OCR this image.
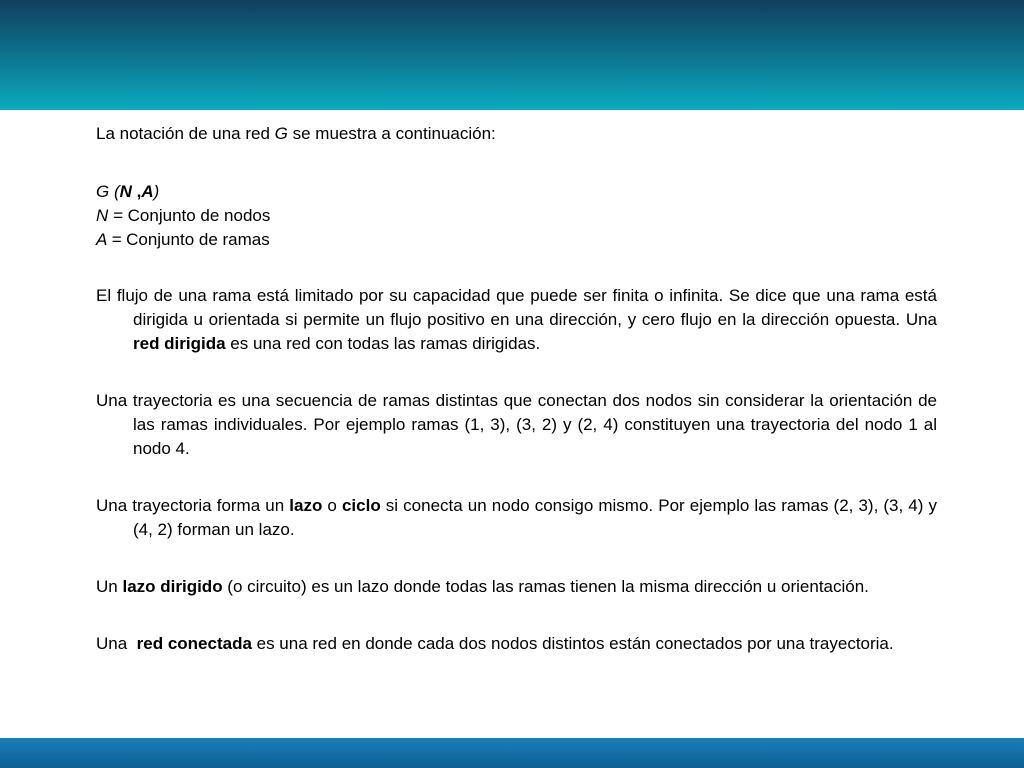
La notación de una red G se muestra a continuación:

G (N ,A)

N = Conjunto de nodos

A = Conjunto de ramas

El flujo de una rama está limitado por su capacidad que puede ser finita o infinita. Se dice que una rama está dirigida u orientada si permite un flujo positivo en una dirección, y cero flujo en la dirección opuesta. Una red dirigida es una red con todas las ramas dirigidas.

Una trayectoria es una secuencia de ramas distintas que conectan dos nodos sin considerar la orientación de las ramas individuales. Por ejemplo ramas (1, 3), (3, 2) y (2, 4) constituyen una trayectoria del nodo 1 al nodo 4.

Una trayectoria forma un lazo o ciclo si conecta un nodo consigo mismo. Por ejemplo las ramas (2, 3), (3, 4) y (4, 2) forman un lazo.

Un lazo dirigido (o circuito) es un lazo donde todas las ramas tienen la misma dirección u orientación.

Una  red conectada es una red en donde cada dos nodos distintos están conectados por una trayectoria.
